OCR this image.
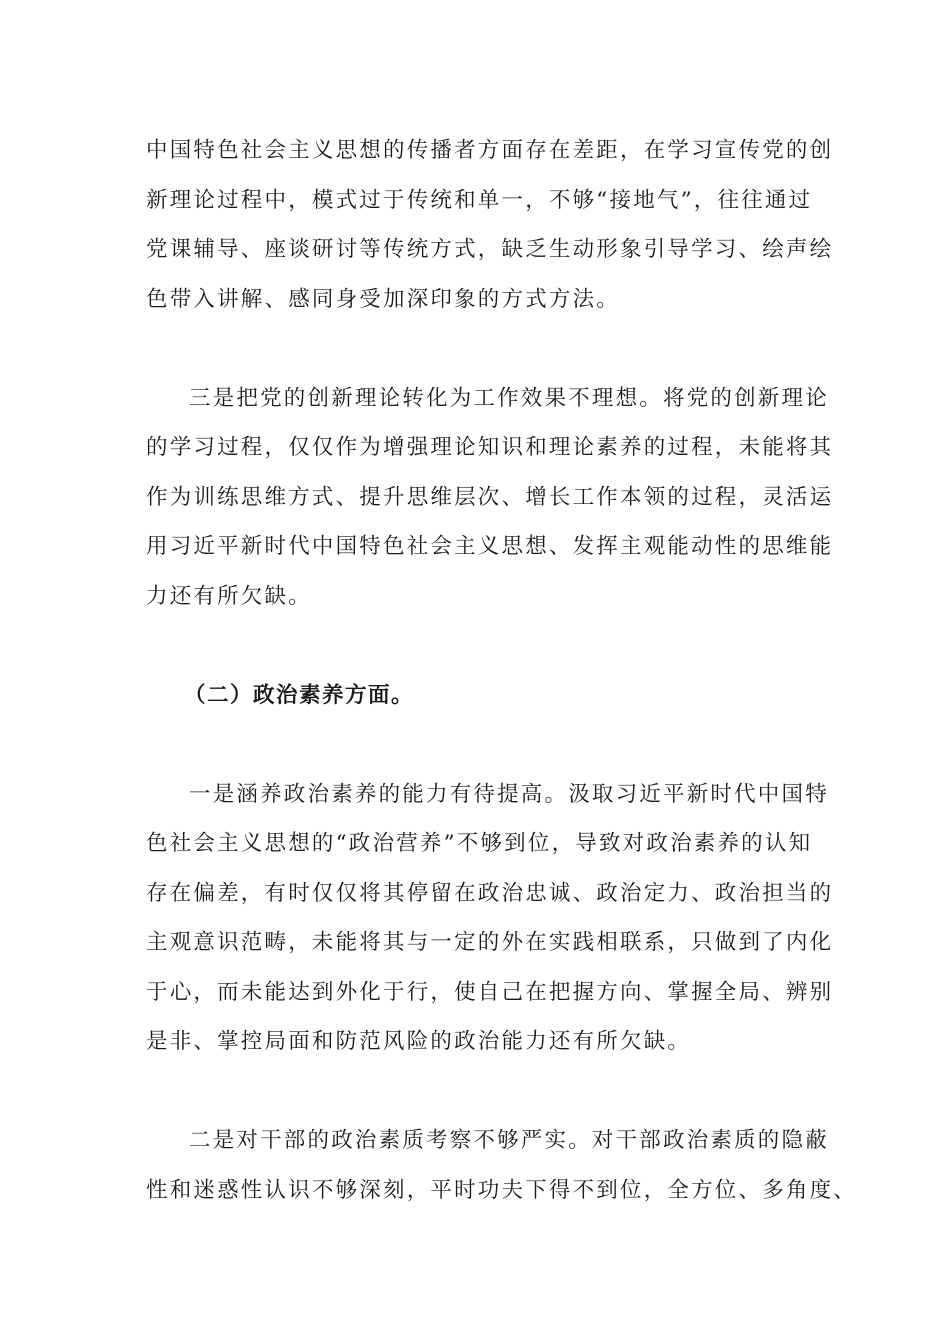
中国特色社会主义思想的传播者方面存在差距，在学习宣传党的创
新理论过程中，模式过于传统和单一，不够“接地气”，往往通过
党课辅导、座谈研讨等传统方式，缺乏生动形象引导学习、绘声绘
色带入讲解、感同身受加深印象的方式方法。

三是把党的创新理论转化为工作效果不理想。将党的创新理论
的学习过程，仅仅作为增强理论知识和理论素养的过程，未能将其
作为训练思维方式、提升思维层次、增长工作本领的过程，灵活运
用习近平新时代中国特色社会主义思想、发挥主观能动性的思维能
力还有所欠缺。

（二）政治素养方面。

一是涵养政治素养的能力有待提高。汲取习近平新时代中国特
色社会主义思想的“政治营养”不够到位，导致对政治素养的认知
存在偏差，有时仅仅将其停留在政治忠诚、政治定力、政治担当的
主观意识范畴，未能将其与一定的外在实践相联系，只做到了内化
于心，而未能达到外化于行，使自己在把握方向、掌握全局、辨别
是非、掌控局面和防范风险的政治能力还有所欠缺。

二是对干部的政治素质考察不够严实。对干部政治素质的隐蔽
性和迷惑性认识不够深刻，平时功夫下得不到位，全方位、多角度、
